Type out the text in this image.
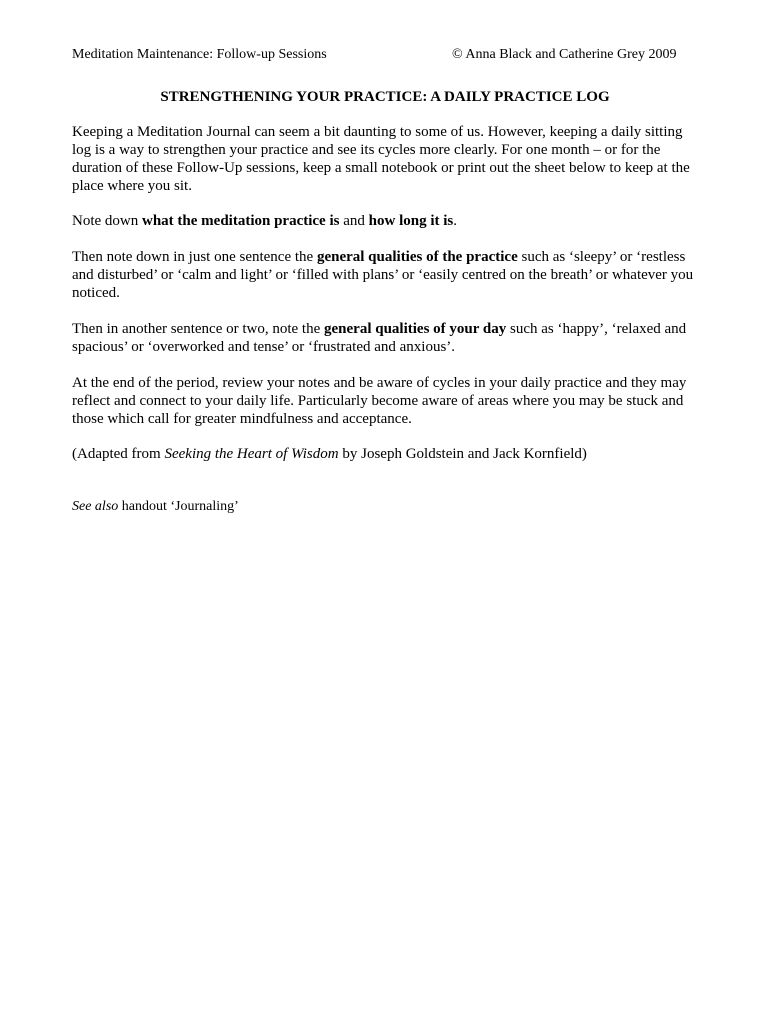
Meditation Maintenance: Follow-up Sessions	© Anna Black and Catherine Grey 2009
STRENGTHENING YOUR PRACTICE: A DAILY PRACTICE LOG

Keeping a Meditation Journal can seem a bit daunting to some of us. However, keeping a daily sitting log is a way to strengthen your practice and see its cycles more clearly. For one month – or for the duration of these Follow-Up sessions, keep a small notebook or print out the sheet below to keep at the place where you sit.

Note down what the meditation practice is and how long it is.

Then note down in just one sentence the general qualities of the practice such as ‘sleepy’ or ‘restless and disturbed’ or ‘calm and light’ or ‘filled with plans’ or ‘easily centred on the breath’ or whatever you noticed.

Then in another sentence or two, note the general qualities of your day such as ‘happy’, ‘relaxed and spacious’ or ‘overworked and tense’ or ‘frustrated and anxious’.

At the end of the period, review your notes and be aware of cycles in your daily practice and they may reflect and connect to your daily life. Particularly become aware of areas where you may be stuck and those which call for greater mindfulness and acceptance.

(Adapted from Seeking the Heart of Wisdom by Joseph Goldstein and Jack Kornfield)

See also handout ‘Journaling’
